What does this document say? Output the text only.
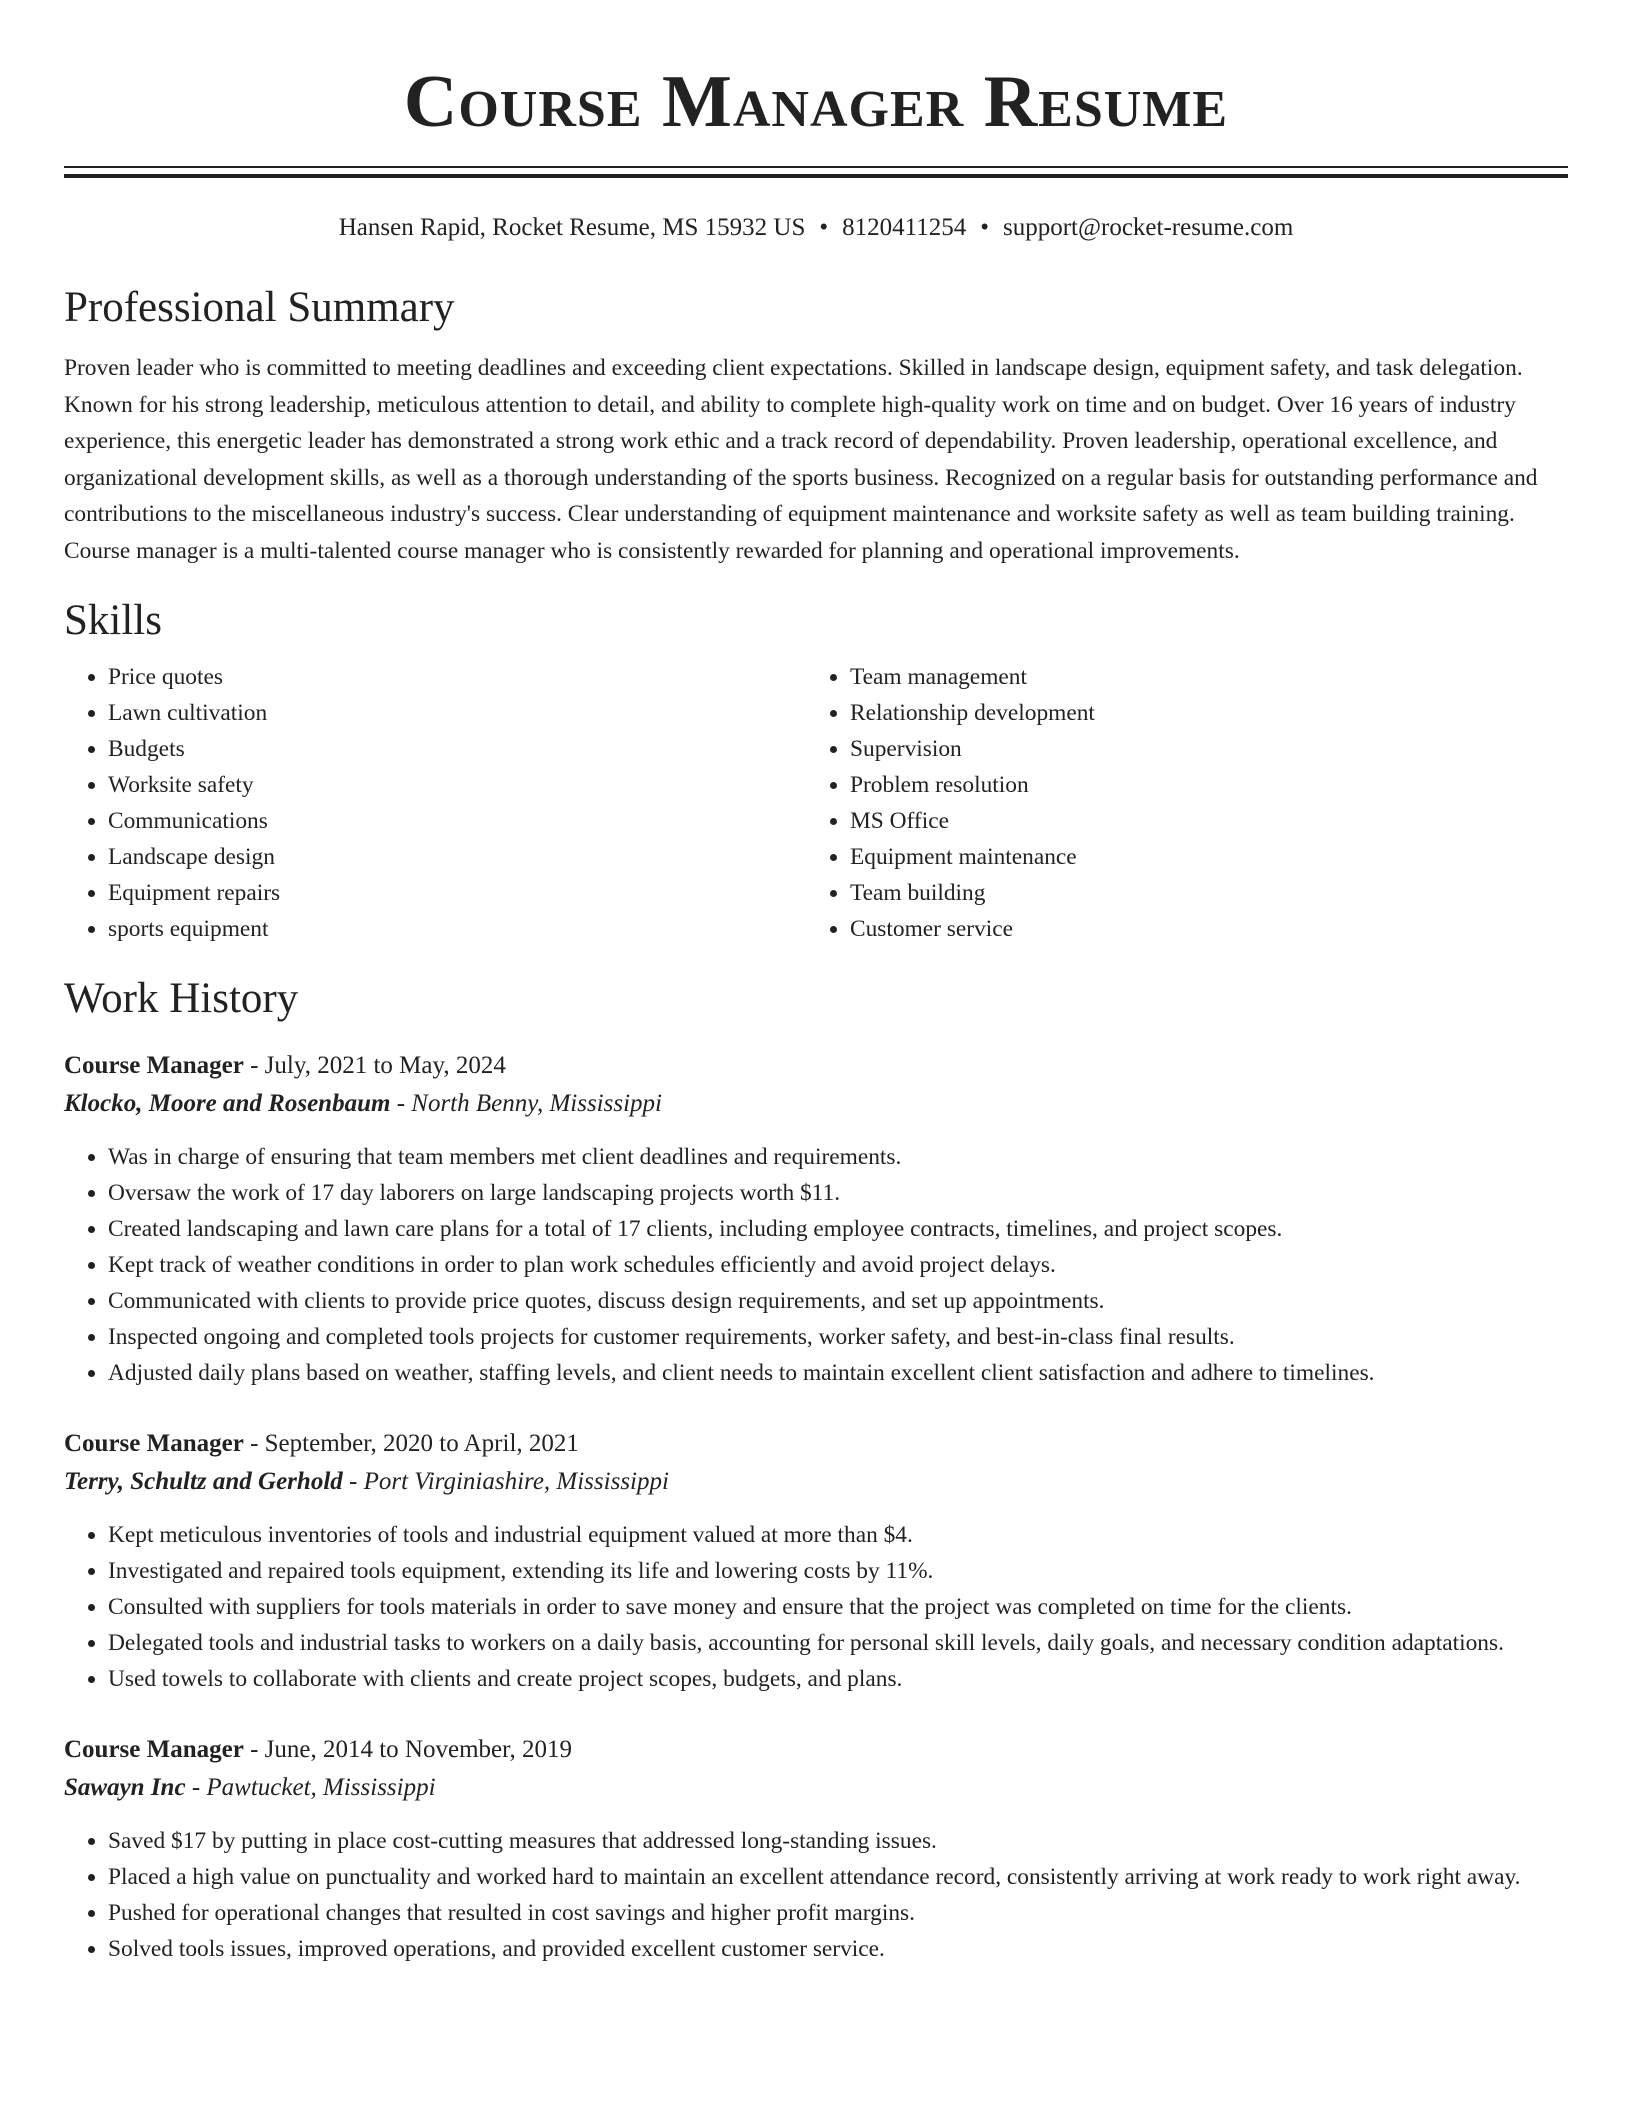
Course Manager Resume
Hansen Rapid, Rocket Resume, MS 15932 US • 8120411254 • support@rocket-resume.com
Professional Summary

Proven leader who is committed to meeting deadlines and exceeding client expectations. Skilled in landscape design, equipment safety, and task delegation. Known for his strong leadership, meticulous attention to detail, and ability to complete high-quality work on time and on budget. Over 16 years of industry experience, this energetic leader has demonstrated a strong work ethic and a track record of dependability. Proven leadership, operational excellence, and organizational development skills, as well as a thorough understanding of the sports business. Recognized on a regular basis for outstanding performance and contributions to the miscellaneous industry's success. Clear understanding of equipment maintenance and worksite safety as well as team building training. Course manager is a multi-talented course manager who is consistently rewarded for planning and operational improvements.

Skills
• Price quotes
• Lawn cultivation
• Budgets
• Worksite safety
• Communications
• Landscape design
• Equipment repairs
• sports equipment
• Team management
• Relationship development
• Supervision
• Problem resolution
• MS Office
• Equipment maintenance
• Team building
• Customer service
Work History
Course Manager - July, 2021 to May, 2024
Klocko, Moore and Rosenbaum - North Benny, Mississippi
• Was in charge of ensuring that team members met client deadlines and requirements.
• Oversaw the work of 17 day laborers on large landscaping projects worth $11.
• Created landscaping and lawn care plans for a total of 17 clients, including employee contracts, timelines, and project scopes.
• Kept track of weather conditions in order to plan work schedules efficiently and avoid project delays.
• Communicated with clients to provide price quotes, discuss design requirements, and set up appointments.
• Inspected ongoing and completed tools projects for customer requirements, worker safety, and best-in-class final results.
• Adjusted daily plans based on weather, staffing levels, and client needs to maintain excellent client satisfaction and adhere to timelines.
Course Manager - September, 2020 to April, 2021
Terry, Schultz and Gerhold - Port Virginiashire, Mississippi
• Kept meticulous inventories of tools and industrial equipment valued at more than $4.
• Investigated and repaired tools equipment, extending its life and lowering costs by 11%.
• Consulted with suppliers for tools materials in order to save money and ensure that the project was completed on time for the clients.
• Delegated tools and industrial tasks to workers on a daily basis, accounting for personal skill levels, daily goals, and necessary condition adaptations.
• Used towels to collaborate with clients and create project scopes, budgets, and plans.
Course Manager - June, 2014 to November, 2019
Sawayn Inc - Pawtucket, Mississippi
• Saved $17 by putting in place cost-cutting measures that addressed long-standing issues.
• Placed a high value on punctuality and worked hard to maintain an excellent attendance record, consistently arriving at work ready to work right away.
• Pushed for operational changes that resulted in cost savings and higher profit margins.
• Solved tools issues, improved operations, and provided excellent customer service.
